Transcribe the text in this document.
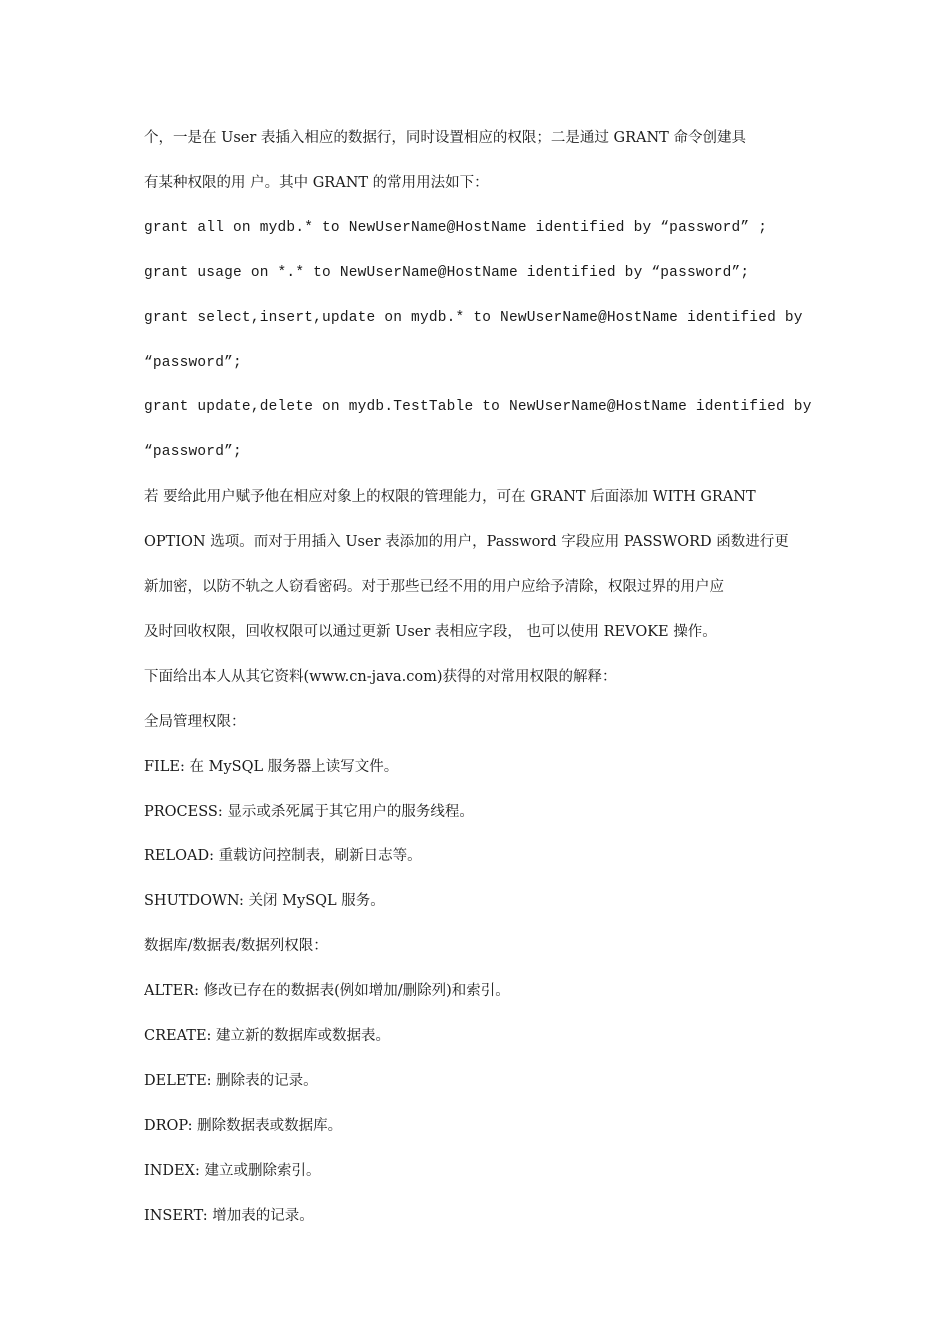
个，一是在 User 表插入相应的数据行，同时设置相应的权限；二是通过 GRANT 命令创建具
有某种权限的用 户。其中 GRANT 的常用用法如下：
grant all on mydb.* to NewUserName@HostName identified by “password” ;
grant usage on *.* to NewUserName@HostName identified by “password”;
grant select,insert,update on mydb.* to NewUserName@HostName identified by
“password”;
grant update,delete on mydb.TestTable to NewUserName@HostName identified by
“password”;
若 要给此用户赋予他在相应对象上的权限的管理能力，可在 GRANT 后面添加 WITH GRANT
OPTION 选项。而对于用插入 User 表添加的用户，Password 字段应用 PASSWORD 函数进行更
新加密，以防不轨之人窃看密码。对于那些已经不用的用户应给予清除，权限过界的用户应
及时回收权限，回收权限可以通过更新 User 表相应字段， 也可以使用 REVOKE 操作。
下面给出本人从其它资料(www.cn-java.com)获得的对常用权限的解释：
全局管理权限：
FILE: 在 MySQL 服务器上读写文件。
PROCESS: 显示或杀死属于其它用户的服务线程。
RELOAD: 重载访问控制表，刷新日志等。
SHUTDOWN: 关闭 MySQL 服务。
数据库/数据表/数据列权限：
ALTER: 修改已存在的数据表(例如增加/删除列)和索引。
CREATE: 建立新的数据库或数据表。
DELETE: 删除表的记录。
DROP: 删除数据表或数据库。
INDEX: 建立或删除索引。
INSERT: 增加表的记录。
